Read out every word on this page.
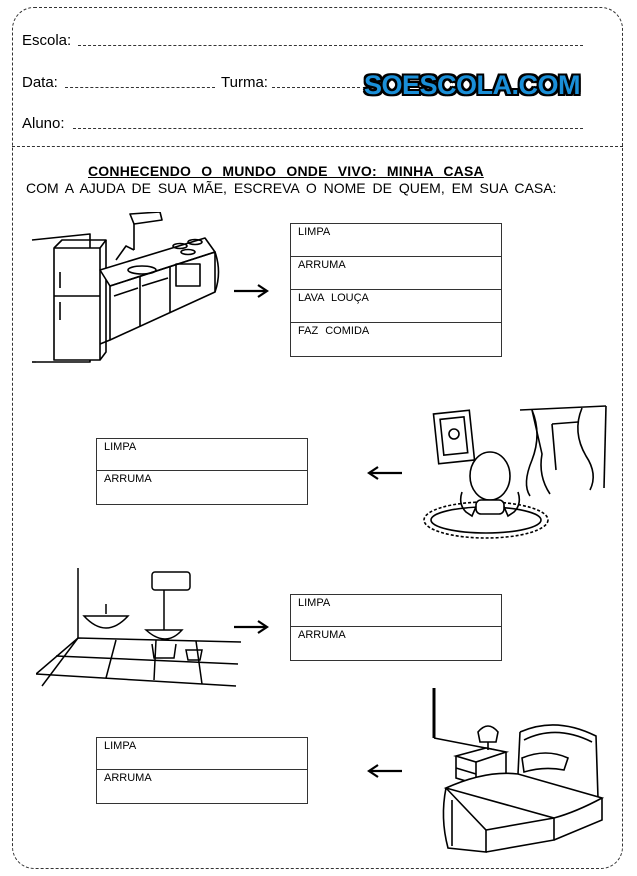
Escola:
Data:	Turma:	SOESCOLA.COM
Aluno:
CONHECENDO O MUNDO ONDE VIVO: MINHA CASA
COM A AJUDA DE SUA MÃE, ESCREVA O NOME DE QUEM, EM SUA CASA:
LIMPA
ARRUMA
LAVA LOUÇA
FAZ COMIDA
LIMPA
ARRUMA
LIMPA
ARRUMA
LIMPA
ARRUMA
